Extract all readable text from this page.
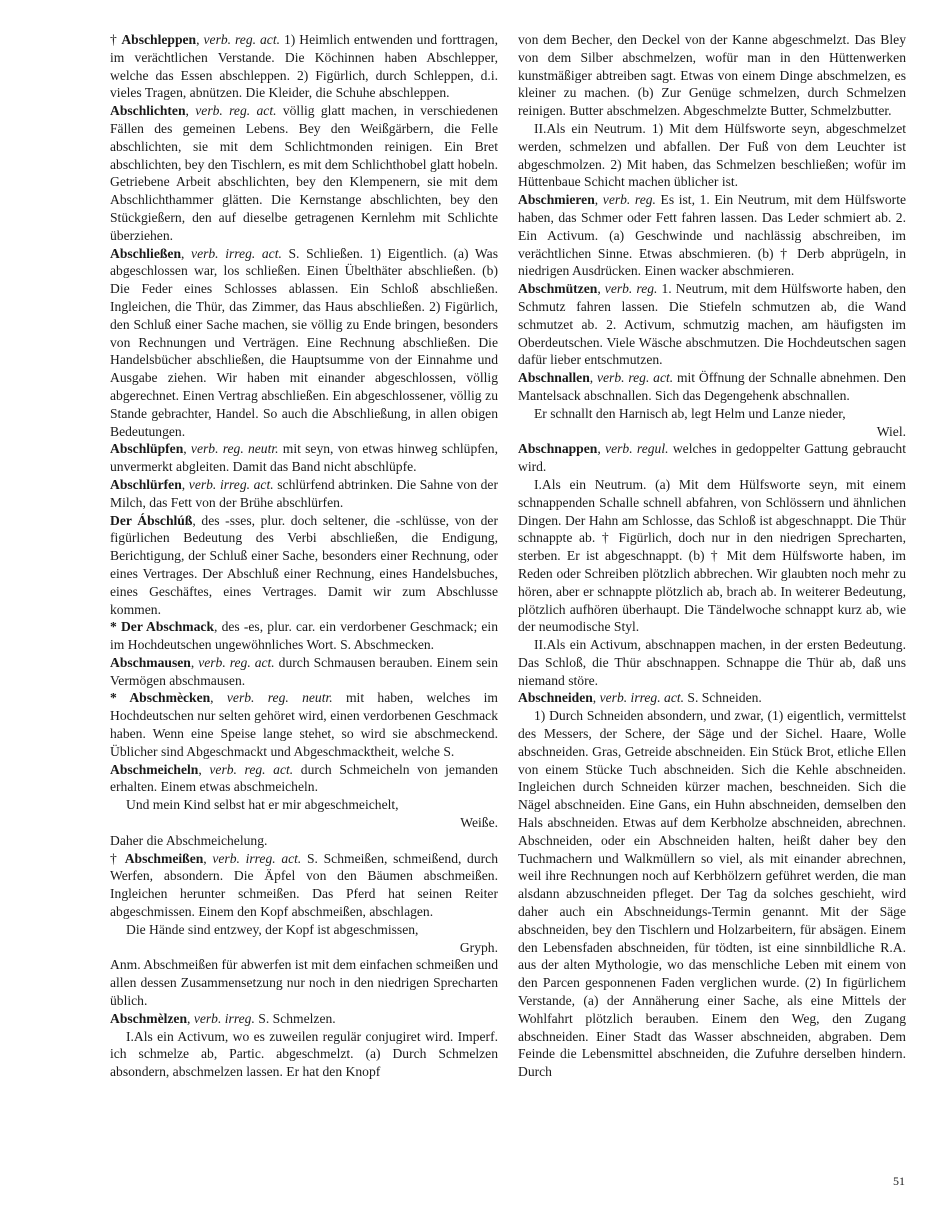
† Abschleppen, verb. reg. act. 1) Heimlich entwenden und forttragen, im verächtlichen Verstande. Die Köchinnen haben Abschlepper, welche das Essen abschleppen. 2) Figürlich, durch Schleppen, d.i. vieles Tragen, abnützen. Die Kleider, die Schuhe abschleppen.

Abschlichten, verb. reg. act. völlig glatt machen, in verschiedenen Fällen des gemeinen Lebens. Bey den Weißgärbern, die Felle abschlichten, sie mit dem Schlichtmonden reinigen. Ein Bret abschlichten, bey den Tischlern, es mit dem Schlichthobel glatt hobeln. Getriebene Arbeit abschlichten, bey den Klempenern, sie mit dem Abschlichthammer glätten. Die Kernstange abschlichten, bey den Stückgießern, den auf dieselbe getragenen Kernlehm mit Schlichte überziehen.

Abschließen, verb. irreg. act. S. Schließen. 1) Eigentlich. (a) Was abgeschlossen war, los schließen. Einen Übelthäter abschließen. (b) Die Feder eines Schlosses ablassen. Ein Schloß abschließen. Ingleichen, die Thür, das Zimmer, das Haus abschließen. 2) Figürlich, den Schluß einer Sache machen, sie völlig zu Ende bringen, besonders von Rechnungen und Verträgen. Eine Rechnung abschließen. Die Handelsbücher abschließen, die Hauptsumme von der Einnahme und Ausgabe ziehen. Wir haben mit einander abgeschlossen, völlig abgerechnet. Einen Vertrag abschließen. Ein abgeschlossener, völlig zu Stande gebrachter, Handel. So auch die Abschließung, in allen obigen Bedeutungen.

Abschlüpfen, verb. reg. neutr. mit seyn, von etwas hinweg schlüpfen, unvermerkt abgleiten. Damit das Band nicht abschlüpfe.

Abschlürfen, verb. irreg. act. schlürfend abtrinken. Die Sahne von der Milch, das Fett von der Brühe abschlürfen.

Der Ábschlúß, des -sses, plur. doch seltener, die -schlüsse, von der figürlichen Bedeutung des Verbi abschließen, die Endigung, Berichtigung, der Schluß einer Sache, besonders einer Rechnung, oder eines Vertrages. Der Abschluß einer Rechnung, eines Handelsbuches, eines Geschäftes, eines Vertrages. Damit wir zum Abschlusse kommen.

* Der Abschmack, des -es, plur. car. ein verdorbener Geschmack; ein im Hochdeutschen ungewöhnliches Wort. S. Abschmecken.

Abschmausen, verb. reg. act. durch Schmausen berauben. Einem sein Vermögen abschmausen.

* Abschmècken, verb. reg. neutr. mit haben, welches im Hochdeutschen nur selten gehöret wird, einen verdorbenen Geschmack haben. Wenn eine Speise lange stehet, so wird sie abschmeckend. Üblicher sind Abgeschmackt und Abgeschmacktheit, welche S.

Abschmeicheln, verb. reg. act. durch Schmeicheln von jemanden erhalten. Einem etwas abschmeicheln.

Und mein Kind selbst hat er mir abgeschmeichelt,

Weiße.

Daher die Abschmeichelung.

† Abschmeißen, verb. irreg. act. S. Schmeißen, schmeißend, durch Werfen, absondern. Die Äpfel von den Bäumen abschmeißen. Ingleichen herunter schmeißen. Das Pferd hat seinen Reiter abgeschmissen. Einem den Kopf abschmeißen, abschlagen.

Die Hände sind entzwey, der Kopf ist abgeschmissen,

Gryph.

Anm. Abschmeißen für abwerfen ist mit dem einfachen schmeißen und allen dessen Zusammensetzung nur noch in den niedrigen Sprecharten üblich.

Abschmèlzen, verb. irreg. S. Schmelzen.

I.Als ein Activum, wo es zuweilen regulär conjugiret wird. Imperf. ich schmelze ab, Partic. abgeschmelzt. (a) Durch Schmelzen absondern, abschmelzen lassen. Er hat den Knopf

von dem Becher, den Deckel von der Kanne abgeschmelzt. Das Bley von dem Silber abschmelzen, wofür man in den Hüttenwerken kunstmäßiger abtreiben sagt. Etwas von einem Dinge abschmelzen, es kleiner zu machen. (b) Zur Genüge schmelzen, durch Schmelzen reinigen. Butter abschmelzen. Abgeschmelzte Butter, Schmelzbutter.

II.Als ein Neutrum. 1) Mit dem Hülfsworte seyn, abgeschmelzet werden, schmelzen und abfallen. Der Fuß von dem Leuchter ist abgeschmolzen. 2) Mit haben, das Schmelzen beschließen; wofür im Hüttenbaue Schicht machen üblicher ist.

Abschmieren, verb. reg. Es ist, 1. Ein Neutrum, mit dem Hülfsworte haben, das Schmer oder Fett fahren lassen. Das Leder schmiert ab. 2. Ein Activum. (a) Geschwinde und nachlässig abschreiben, im verächtlichen Sinne. Etwas abschmieren. (b) † Derb abprügeln, in niedrigen Ausdrücken. Einen wacker abschmieren.

Abschmützen, verb. reg. 1. Neutrum, mit dem Hülfsworte haben, den Schmutz fahren lassen. Die Stiefeln schmutzen ab, die Wand schmutzet ab. 2. Activum, schmutzig machen, am häufigsten im Oberdeutschen. Viele Wäsche abschmutzen. Die Hochdeutschen sagen dafür lieber entschmutzen.

Abschnallen, verb. reg. act. mit Öffnung der Schnalle abnehmen. Den Mantelsack abschnallen. Sich das Degengehenk abschnallen.

Er schnallt den Harnisch ab, legt Helm und Lanze nieder,

Wiel.

Abschnappen, verb. regul. welches in gedoppelter Gattung gebraucht wird.

I.Als ein Neutrum. (a) Mit dem Hülfsworte seyn, mit einem schnappenden Schalle schnell abfahren, von Schlössern und ähnlichen Dingen. Der Hahn am Schlosse, das Schloß ist abgeschnappt. Die Thür schnappte ab. † Figürlich, doch nur in den niedrigen Sprecharten, sterben. Er ist abgeschnappt. (b) † Mit dem Hülfsworte haben, im Reden oder Schreiben plötzlich abbrechen. Wir glaubten noch mehr zu hören, aber er schnappte plötzlich ab, brach ab. In weiterer Bedeutung, plötzlich aufhören überhaupt. Die Tändelwoche schnappt kurz ab, wie der neumodische Styl.

II.Als ein Activum, abschnappen machen, in der ersten Bedeutung. Das Schloß, die Thür abschnappen. Schnappe die Thür ab, daß uns niemand störe.

Abschneiden, verb. irreg. act. S. Schneiden.

1) Durch Schneiden absondern, und zwar, (1) eigentlich, vermittelst des Messers, der Schere, der Säge und der Sichel. Haare, Wolle abschneiden. Gras, Getreide abschneiden. Ein Stück Brot, etliche Ellen von einem Stücke Tuch abschneiden. Sich die Kehle abschneiden. Ingleichen durch Schneiden kürzer machen, beschneiden. Sich die Nägel abschneiden. Eine Gans, ein Huhn abschneiden, demselben den Hals abschneiden. Etwas auf dem Kerbholze abschneiden, abrechnen. Abschneiden, oder ein Abschneiden halten, heißt daher bey den Tuchmachern und Walkmüllern so viel, als mit einander abrechnen, weil ihre Rechnungen noch auf Kerbhölzern geführet werden, die man alsdann abzuschneiden pfleget. Der Tag da solches geschieht, wird daher auch ein Abschneidungs-Termin genannt. Mit der Säge abschneiden, bey den Tischlern und Holzarbeitern, für absägen. Einem den Lebensfaden abschneiden, für tödten, ist eine sinnbildliche R.A. aus der alten Mythologie, wo das menschliche Leben mit einem von den Parcen gesponnenen Faden verglichen wurde. (2) In figürlichem Verstande, (a) der Annäherung einer Sache, als eine Mittels der Wohlfahrt plötzlich berauben. Einem den Weg, den Zugang abschneiden. Einer Stadt das Wasser abschneiden, abgraben. Dem Feinde die Lebensmittel abschneiden, die Zufuhre derselben hindern. Durch

51
